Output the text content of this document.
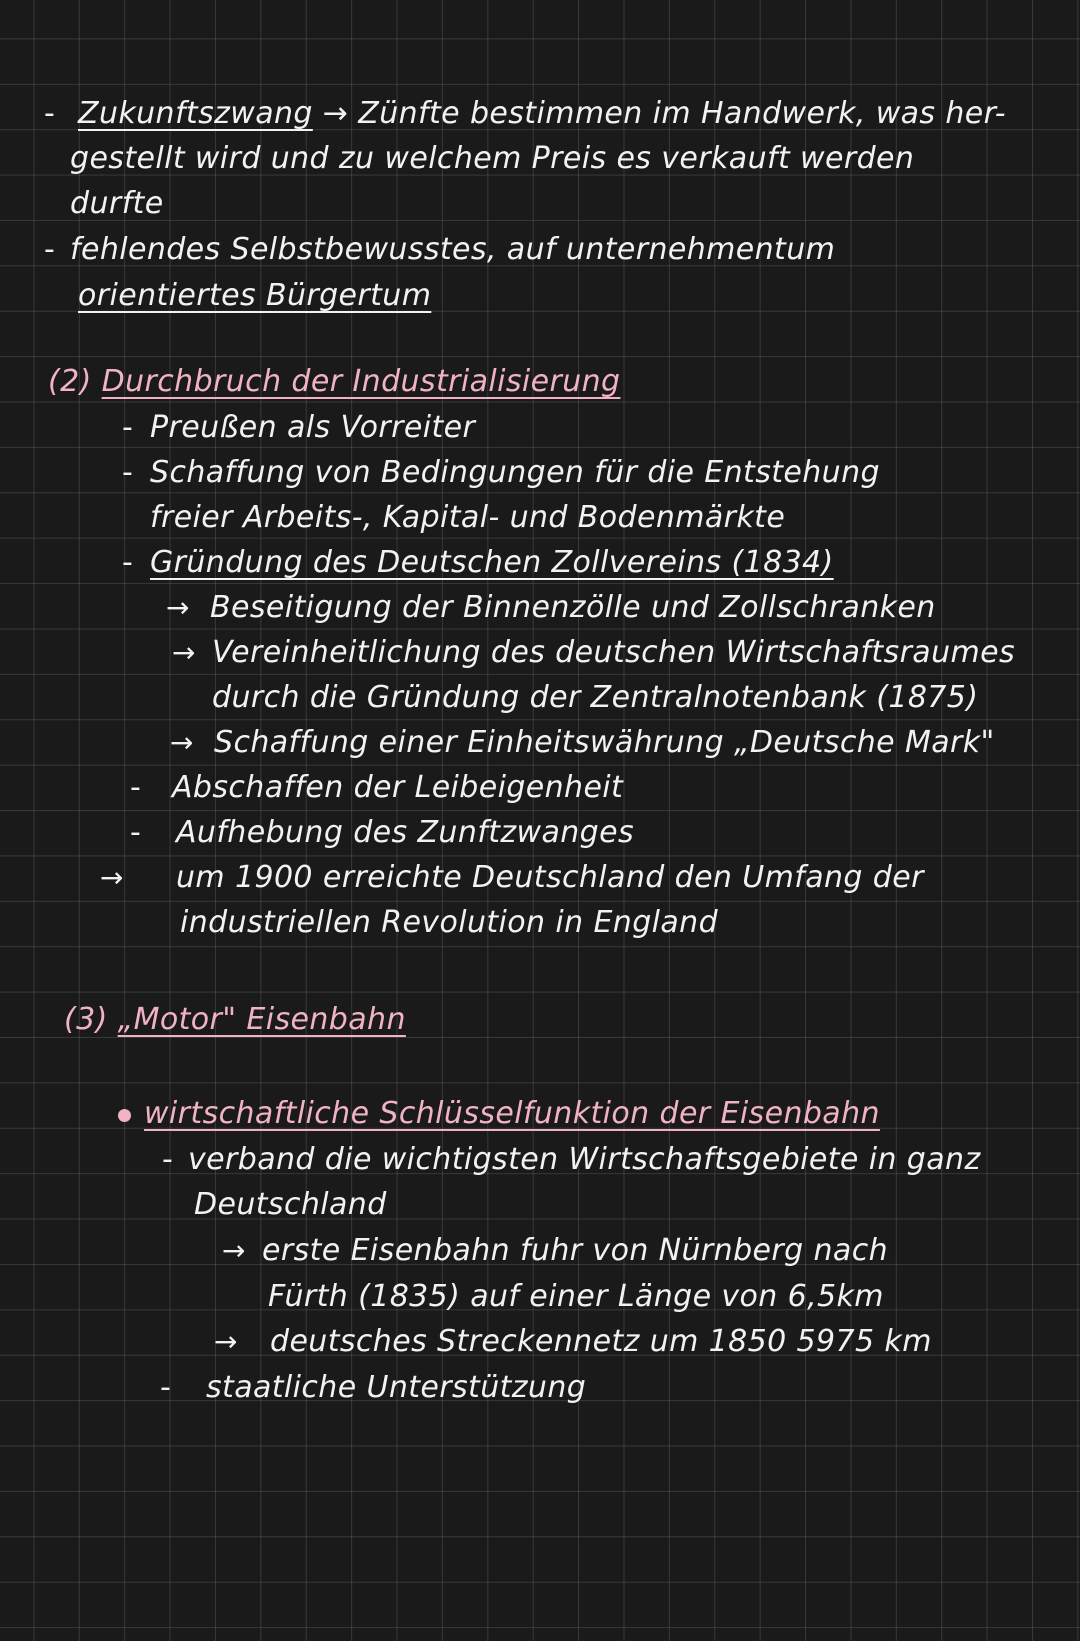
- Zukunftszwang → Zünfte bestimmen im Handwerk, was her-
gestellt wird und zu welchem Preis es verkauft werden
durfte
- fehlendes Selbstbewusstes, auf unternehmentum
orientiertes Bürgertum
(2) Durchbruch der Industrialisierung
- Preußen als Vorreiter
- Schaffung von Bedingungen für die Entstehung
freier Arbeits-, Kapital- und Bodenmärkte
- Gründung des Deutschen Zollvereins (1834)
→ Beseitigung der Binnenzölle und Zollschranken
→ Vereinheitlichung des deutschen Wirtschaftsraumes
durch die Gründung der Zentralnotenbank (1875)
→ Schaffung einer Einheitswährung „Deutsche Mark"
- Abschaffen der Leibeigenheit
- Aufhebung des Zunftzwanges
→ um 1900 erreichte Deutschland den Umfang der
industriellen Revolution in England
(3) „Motor" Eisenbahn
wirtschaftliche Schlüsselfunktion der Eisenbahn
- verband die wichtigsten Wirtschaftsgebiete in ganz
Deutschland
→ erste Eisenbahn fuhr von Nürnberg nach
Fürth (1835) auf einer Länge von 6,5km
→ deutsches Streckennetz um 1850 5975 km
- staatliche Unterstützung
